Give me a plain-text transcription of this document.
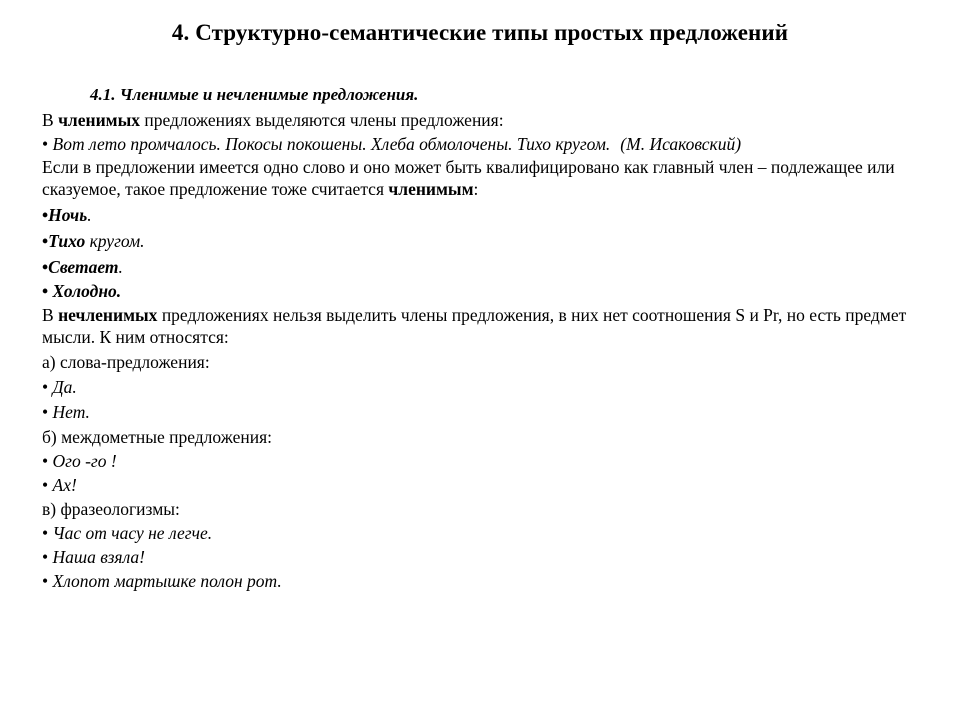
4. Структурно-семантические типы простых предложений
4.1. Членимые и нечленимые предложения.
В членимых предложениях выделяются члены предложения:
• Вот лето промчалось. Покосы покошены. Хлеба обмолочены. Тихо кругом. (М. Исаковский)
Если в предложении имеется одно слово и оно может быть квалифицировано как главный член – подлежащее или сказуемое, такое предложение тоже считается членимым:
•Ночь.
•Тихо кругом.
•Светает.
• Холодно.
В нечленимых предложениях нельзя выделить члены предложения, в них нет соотношения S и Pr, но есть предмет мысли. К ним относятся:
а) слова-предложения:
• Да.
• Нет.
б) междометные предложения:
• Ого -го !
• Ах!
в) фразеологизмы:
• Час от часу не легче.
• Наша взяла!
• Хлопот мартышке полон рот.
